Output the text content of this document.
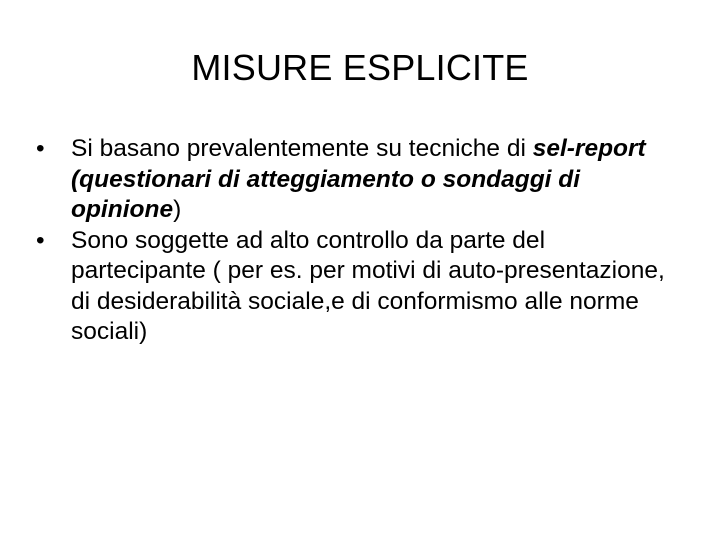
MISURE ESPLICITE
•	Si basano prevalentemente su tecniche di sel-report (questionari di atteggiamento o sondaggi di opinione)
•	Sono soggette ad alto controllo da parte del partecipante ( per es. per motivi di auto-presentazione, di desiderabilità sociale,e di conformismo alle norme sociali)
